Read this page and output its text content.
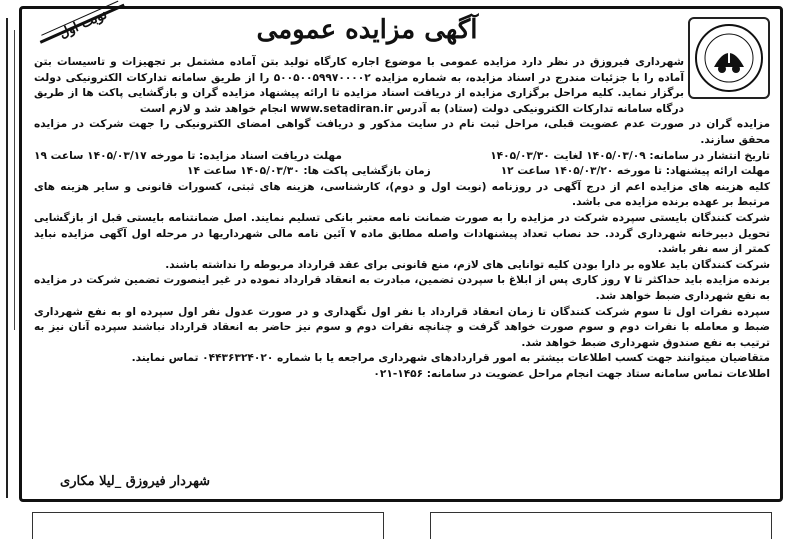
نوبت اول	آگهی مزایده عمومی

شهرداری فیروزق در نظر دارد مزایده عمومی با موضوع اجاره کارگاه تولید بتن آماده مشتمل بر تجهیزات و تاسیسات بتن آماده را با جزئیات مندرج در اسناد مزایده، به شماره مزایده ۵۰۰۵۰۰۵۹۹۷۰۰۰۰۲ را از طریق سامانه تدارکات الکترونیکی دولت برگزار نماید. کلیه مراحل برگزاری مزایده از دریافت اسناد مزایده تا ارائه پیشنهاد مزایده گران و بازگشایی پاکت ها از طریق درگاه سامانه تدارکات الکترونیکی دولت (ستاد) به آدرس www.setadiran.ir انجام خواهد شد و لازم است

مزایده گران در صورت عدم عضویت قبلی، مراحل ثبت نام در سایت مذکور و دریافت گواهی امضای الکترونیکی را جهت شرکت در مزایده محقق سازند.

تاریخ انتشار در سامانه: ۱۴۰۵/۰۳/۰۹ لغایت ۱۴۰۵/۰۳/۳۰
مهلت دریافت اسناد مزایده: تا مورخه ۱۴۰۵/۰۳/۱۷ ساعت ۱۹
مهلت ارائه پیشنهاد: تا مورخه ۱۴۰۵/۰۳/۲۰ ساعت ۱۲
زمان بازگشایی پاکت ها: ۱۴۰۵/۰۳/۳۰ ساعت ۱۴

کلیه هزینه های مزایده اعم از درج آگهی در روزنامه (نوبت اول و دوم)، کارشناسی، هزینه های ثبتی، کسورات قانونی و سایر هزینه های مرتبط بر عهده برنده مزایده می باشد.

شرکت کنندگان بایستی سپرده شرکت در مزایده را به صورت ضمانت نامه معتبر بانکی تسلیم نمایند. اصل ضمانتنامه بایستی قبل از بازگشایی تحویل دبیرخانه شهرداری گردد. حد نصاب تعداد پیشنهادات واصله مطابق ماده ۷ آئین نامه مالی شهرداریها در مرحله اول آگهی مزایده نباید کمتر از سه نفر باشد.

شرکت کنندگان باید علاوه بر دارا بودن کلیه توانایی های لازم، منع قانونی برای عقد قرارداد مربوطه را نداشته باشند.

برنده مزایده باید حداکثر تا ۷ روز کاری پس از ابلاغ با سپردن تضمین، مبادرت به انعقاد قرارداد نموده در غیر اینصورت تضمین شرکت در مزایده به نفع شهرداری ضبط خواهد شد.

سپرده نفرات اول تا سوم شرکت کنندگان تا زمان انعقاد قرارداد با نفر اول نگهداری و در صورت عدول نفر اول سپرده او به نفع شهرداری ضبط و معامله با نفرات دوم و سوم صورت خواهد گرفت و چنانچه نفرات دوم و سوم نیز حاضر به انعقاد قرارداد نباشند سپرده آنان نیز به ترتیب به نفع صندوق شهرداری ضبط خواهد شد.

متقاضیان میتوانند جهت کسب اطلاعات بیشتر به امور قراردادهای شهرداری مراجعه یا با شماره ۰۴۴۳۶۳۲۴۰۲۰ تماس نمایند.

اطلاعات تماس سامانه ستاد جهت انجام مراحل عضویت در سامانه: ۱۴۵۶-۰۲۱

شهردار فیروزق _لیلا مکاری
